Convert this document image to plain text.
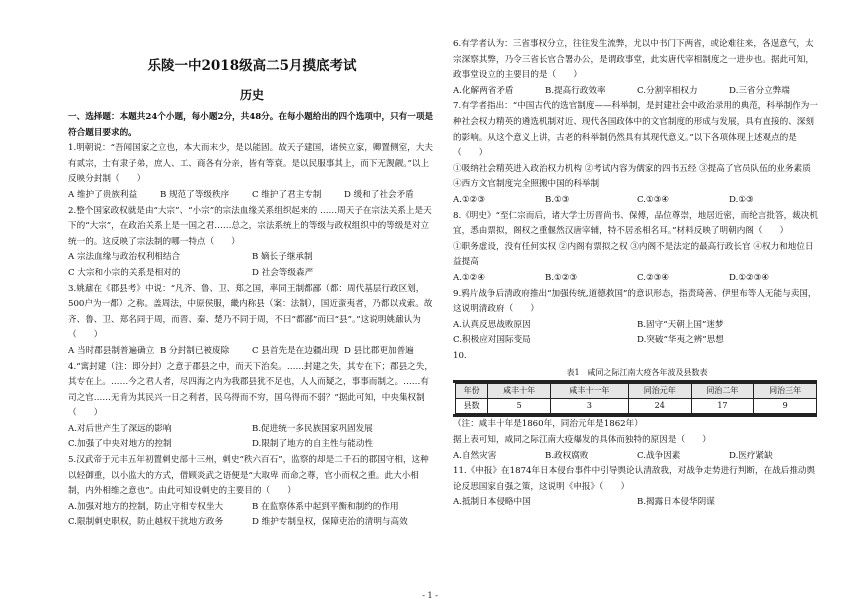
乐陵一中2018级高二5月摸底考试
历史

一、选择题：本题共24个小题，每小题2分，共48分。在每小题给出的四个选项中，只有一项是符合题目要求的。

1.明朝说：“吾闻国家之立也，本大而末少，是以能固。故天子建国，诸侯立家，卿置侧室，大夫有贰宗，士有隶子弟，庶人、工、商各有分亲，皆有等衰。是以民服事其上，而下无觊觎。”以上反映分封制（　　）

A 维护了贵族利益	B 规范了等级秩序	C 维护了君主专制	D 缓和了社会矛盾

2.整个国家政权就是由“大宗”、“小宗”的宗法血缘关系组织起来的 ……周天子在宗法关系上是天下的“大宗”，在政治关系上是一国之君……总之，宗法系统上的等级与政权组织中的等级是对立统一的。这反映了宗法制的哪一特点（　　）

A 宗法血缘与政治权利相结合	B 嫡长子继承制
C 大宗和小宗的关系是相对的	D 社会等级森严

3.姚鼐在《郡县考》中说：“凡齐、鲁、卫、郑之国，率同王制都鄙（都：周代基层行政区划，500户为一都）之称。盖周法，中原侯服，畿内称县（案：法制），国近蛮夷者，乃都以戎索。故齐、鲁、卫、郑名同于周，而晋、秦、楚乃不同于周，不曰“都鄙”而曰“县”。”这说明姚鼐认为（　　）

A 当时郡县制普遍确立 B 分封制已被废除	C 县首先是在边疆出现 D 县比郡更加普遍

4.“寓封建（注：即分封）之意于郡县之中，而天下治矣。……封建之失，其专在下；郡县之失，其专在上。……今之君人者，尽四海之内为我郡县犹不足也，人人而疑之，事事而制之。……有司之官……无肯为其民兴一日之利者，民乌得而不穷，国乌得而不弱？”据此可知，中央集权制（　　）

A.对后世产生了深远的影响	B.促进统一多民族国家巩固发展
C.加强了中央对地方的控制	D.限制了地方的自主性与能动性

5.汉武帝于元丰五年初置刺史部十三州，刺史“秩六百石”，监察的却是二千石的郡国守相，这种以轻御重，以小监大的方式，借顾炎武之语便是“大取卑 而命之尊，官小而权之重。此大小相制，内外相维之意也”。由此可知设刺史的主要目的（　　）

A.加强对地方的控制，防止守相专权坐大	B 在监察体系中起到平衡和制约的作用
C.限制刺史职权，防止越权干扰地方政务	D 维护专制皇权，保障吏治的清明与高效

6.有学者认为：三省事权分立，往往发生流弊，尤以中书门下两省，或论难往来，各逞意气，太宗深察其弊，乃令三省长官合署办公，是谓政事堂，此实唐代宰相制度之一进步也。据此可知，政事堂设立的主要目的是（　　）

A.化解两省矛盾	B.提高行政效率	C.分割宰相权力	D.三省分立弊端

7.有学者指出：“中国古代的选官制度——科举制，是封建社会中政治录用的典范，科举制作为一种社会权力精英的遴选机制对近、现代各国政体中的文官制度的形成与发展，具有直接的、深刻的影响。从这个意义上讲，古老的科举制仍然具有其现代意义。”以下各项体现上述观点的是（　　）

①吸纳社会精英进入政治权力机构 ②考试内容为儒家的四书五经 ③提高了官员队伍的业务素质 ④西方文官制度完全照搬中国的科举制

A.①②③	B.①③	C.①③④	D.①③

8.《明史》“至仁宗而后，诸大学士历晋尚书、保傅，品位尊崇，地居近密，而纶言批答，裁决机宜，悉由票拟，阁权之重偃然汉唐宰辅，特不居丞相名耳。”材料反映了明朝内阁（　　）

①职务虚设，没有任何实权 ②内阁有票拟之权 ③内阁不是法定的最高行政长官 ④权力和地位日益提高

A.①②④	B.①②③	C.②③④	D.①②③④

9.鸦片战争后清政府推出“加强传统,道德救国”的意识形态，指责琦善、伊里布等人无能与卖国，这说明清政府（　　）

A.认真反思战败原因	B.固守“天朝上国”迷梦
C.积极应对国际变局	D.突破“华夷之辨”思想

10.

表1　咸同之际江南大疫各年波及县数表
年份	咸丰十年	咸丰十一年	同治元年	同治二年	同治三年
县数	5	3	24	17	9

（注：咸丰十年是1860年，同治元年是1862年）

据上表可知，咸同之际江南大疫爆发的具体而独特的原因是（　　）

A.自然灾害	B.政权腐败	C.战争因素	D.医疗紧缺

11.《申报》在1874年日本侵台事件中引导舆论认清敌我，对战争走势进行判断，在战后推动舆论反思国家自强之策，这说明《申报》（　　）

A.抵制日本侵略中国	B.揭露日本侵华阴谋
- 1 -
